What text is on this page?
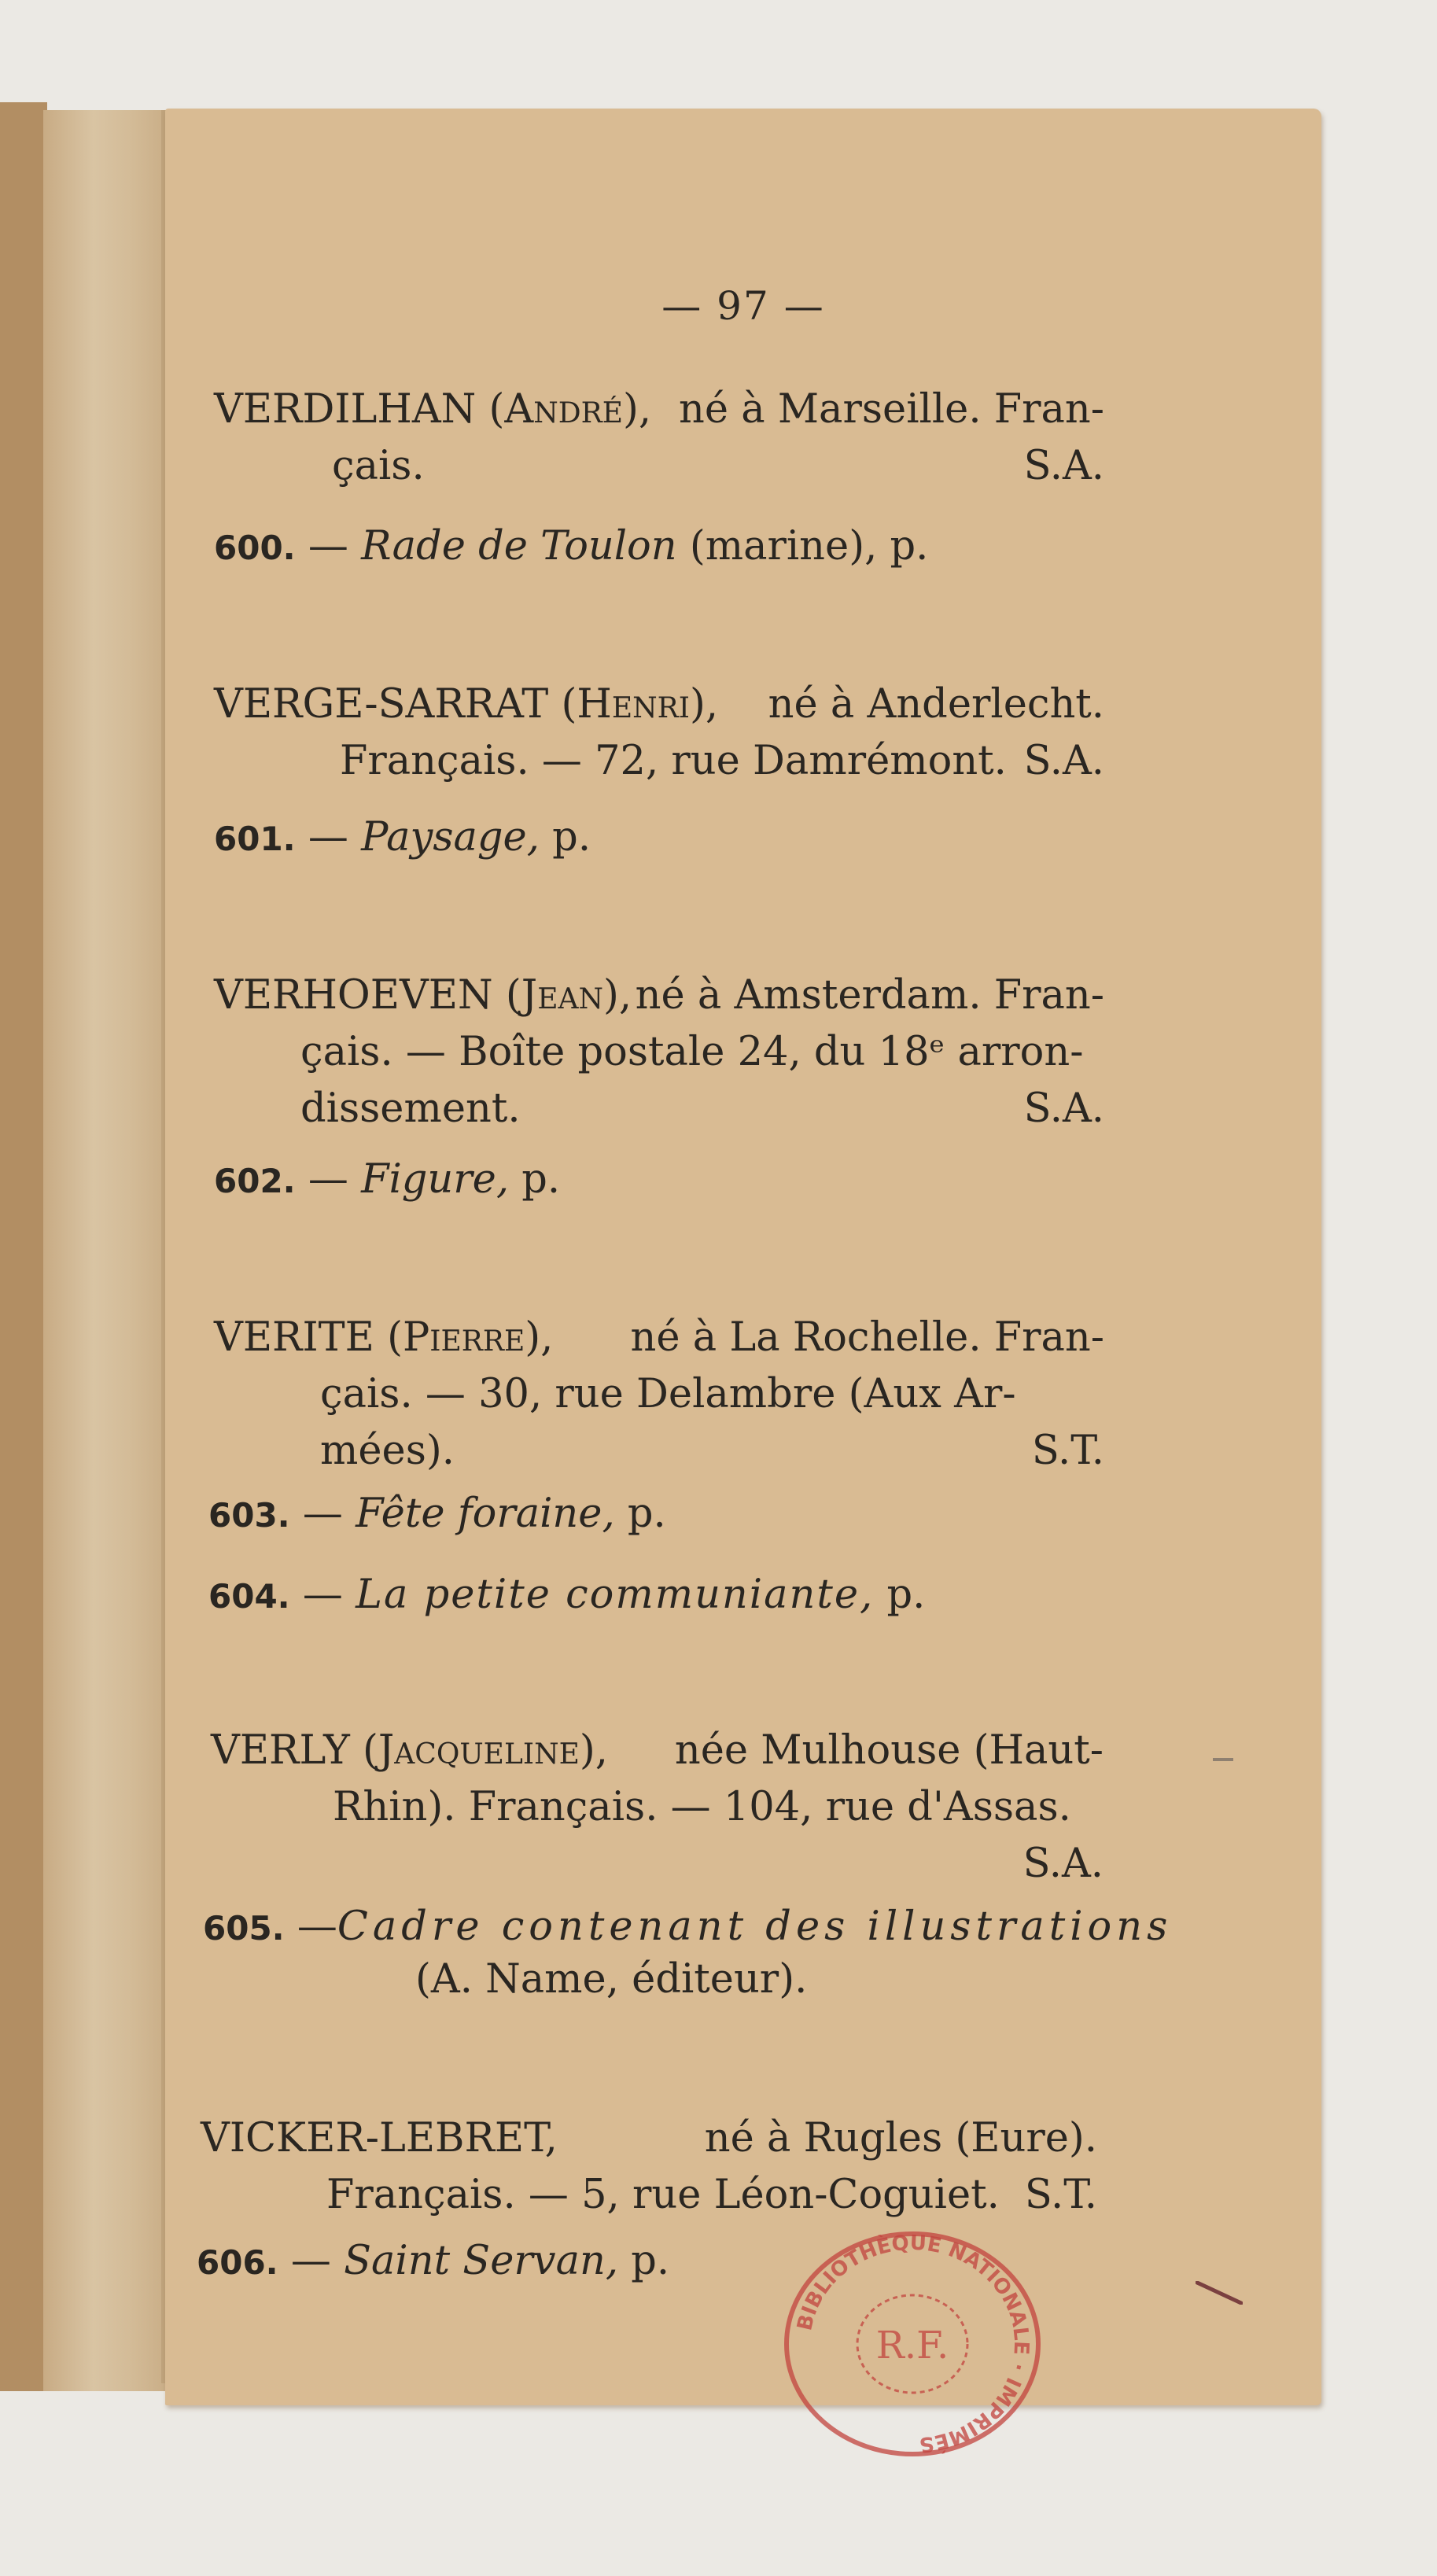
— 97 —
VERDILHAN (André), né à Marseille. Fran-
çais.	S.A.
600. — Rade de Toulon (marine), p.
VERGE-SARRAT (Henri), né à Anderlecht.
Français. — 72, rue Damrémont. S.A.
601. — Paysage, p.
VERHOEVEN (Jean), né à Amsterdam. Fran-
çais. — Boîte postale 24, du 18ᵉ arron-
dissement.	S.A.
602. — Figure, p.
VERITE (Pierre), né à La Rochelle. Fran-
çais. — 30, rue Delambre (Aux Ar-
mées).	S.T.
603. — Fête foraine, p.
604. — La petite communiante, p.
VERLY (Jacqueline), née Mulhouse (Haut-
Rhin). Français. — 104, rue d'Assas.
S.A.
605. — Cadre contenant des illustrations
(A. Name, éditeur).
VICKER-LEBRET,	né à Rugles (Eure).
Français. — 5, rue Léon-Coguiet. S.T.
606. — Saint Servan, p.
BIBLIOTHÈQUE NATIONALE · IMPRIMÉS
R.F.
